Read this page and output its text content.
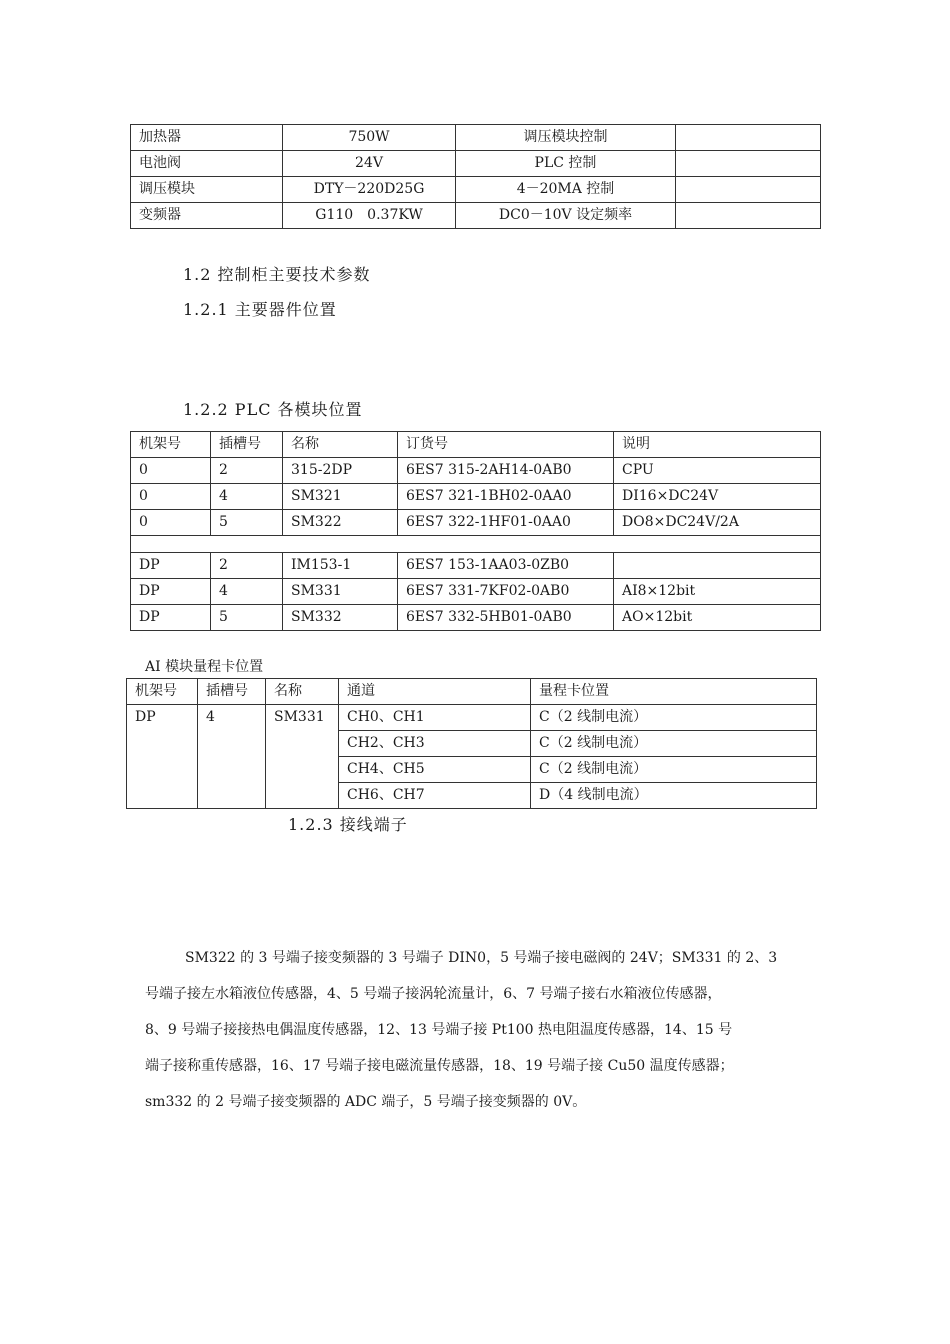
加热器	750W	调压模块控制	
电池阀	24V	PLC 控制	
调压模块	DTY－220D25G	4－20MA 控制	
变频器	G110　0.37KW	DC0－10V 设定频率	
1.2 控制柜主要技术参数
1.2.1 主要器件位置
1.2.2 PLC 各模块位置
机架号	插槽号	名称	订货号	说明
0	2	315-2DP	6ES7 315-2AH14-0AB0	CPU
0	4	SM321	6ES7 321-1BH02-0AA0	DI16×DC24V
0	5	SM322	6ES7 322-1HF01-0AA0	DO8×DC24V/2A

DP	2	IM153-1	6ES7 153-1AA03-0ZB0	
DP	4	SM331	6ES7 331-7KF02-0AB0	AI8×12bit
DP	5	SM332	6ES7 332-5HB01-0AB0	AO×12bit
AI 模块量程卡位置
机架号	插槽号	名称	通道	量程卡位置
DP	4	SM331	CH0、CH1	C（2 线制电流）
			CH2、CH3	C（2 线制电流）
			CH4、CH5	C（2 线制电流）
			CH6、CH7	D（4 线制电流）
1.2.3 接线端子

SM322 的 3 号端子接变频器的 3 号端子 DIN0，5 号端子接电磁阀的 24V；SM331 的 2、3

号端子接左水箱液位传感器，4、5 号端子接涡轮流量计，6、7 号端子接右水箱液位传感器，

8、9 号端子接接热电偶温度传感器，12、13 号端子接 Pt100 热电阻温度传感器，14、15 号

端子接称重传感器，16、17 号端子接电磁流量传感器，18、19 号端子接 Cu50 温度传感器；

sm332 的 2 号端子接变频器的 ADC 端子，5 号端子接变频器的 0V。
